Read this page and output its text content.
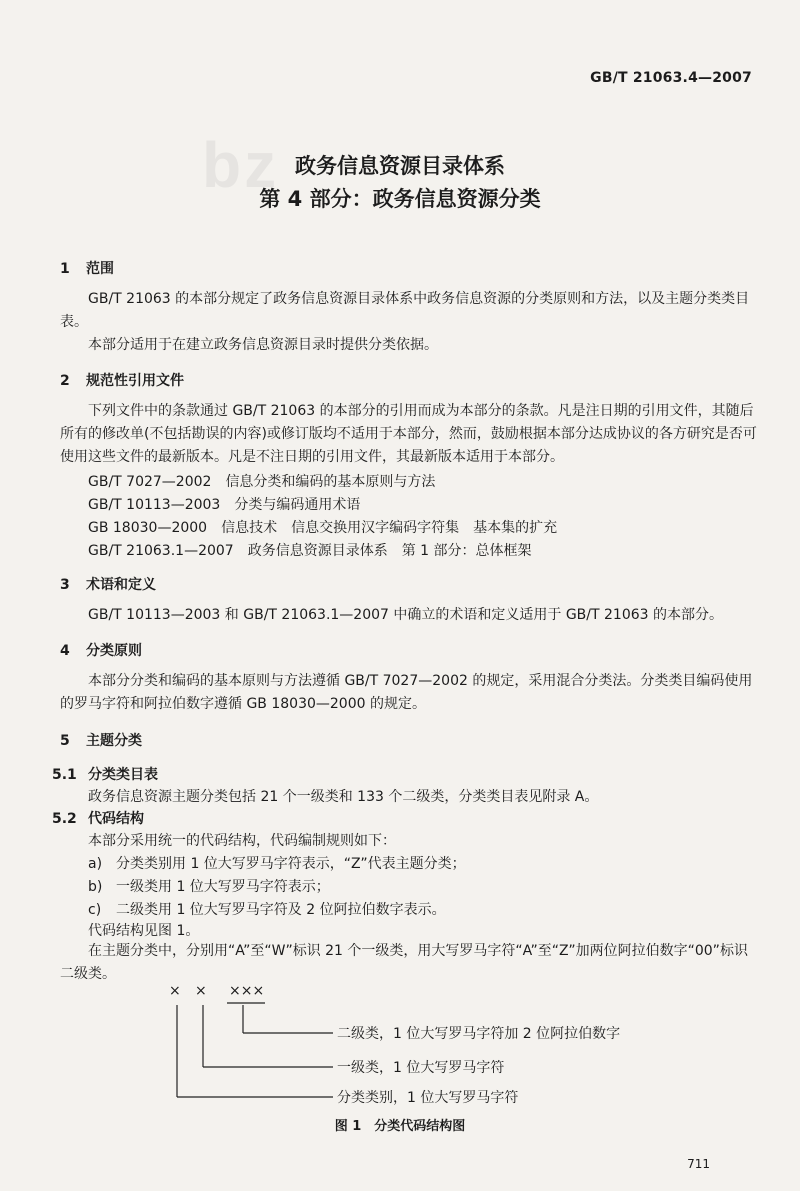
bz
GB/T 21063.4—2007
政务信息资源目录体系
第 4 部分：政务信息资源分类
1 范围
GB/T 21063 的本部分规定了政务信息资源目录体系中政务信息资源的分类原则和方法，以及主题分类类目表。
本部分适用于在建立政务信息资源目录时提供分类依据。
2 规范性引用文件
下列文件中的条款通过 GB/T 21063 的本部分的引用而成为本部分的条款。凡是注日期的引用文件，其随后所有的修改单(不包括勘误的内容)或修订版均不适用于本部分，然而，鼓励根据本部分达成协议的各方研究是否可使用这些文件的最新版本。凡是不注日期的引用文件，其最新版本适用于本部分。
GB/T 7027—2002 信息分类和编码的基本原则与方法
GB/T 10113—2003 分类与编码通用术语
GB 18030—2000 信息技术　信息交换用汉字编码字符集　基本集的扩充
GB/T 21063.1—2007 政务信息资源目录体系　第 1 部分：总体框架
3 术语和定义
GB/T 10113—2003 和 GB/T 21063.1—2007 中确立的术语和定义适用于 GB/T 21063 的本部分。
4 分类原则
本部分分类和编码的基本原则与方法遵循 GB/T 7027—2002 的规定，采用混合分类法。分类类目编码使用的罗马字符和阿拉伯数字遵循 GB 18030—2000 的规定。
5 主题分类
5.1 分类类目表
政务信息资源主题分类包括 21 个一级类和 133 个二级类，分类类目表见附录 A。
5.2 代码结构
本部分采用统一的代码结构，代码编制规则如下：
a) 分类类别用 1 位大写罗马字符表示，“Z”代表主题分类；
b) 一级类用 1 位大写罗马字符表示；
c) 二级类用 1 位大写罗马字符及 2 位阿拉伯数字表示。
代码结构见图 1。
在主题分类中，分别用“A”至“W”标识 21 个一级类，用大写罗马字符“A”至“Z”加两位阿拉伯数字“00”标识二级类。
× × ×××
二级类，1 位大写罗马字符加 2 位阿拉伯数字
一级类，1 位大写罗马字符
分类类别，1 位大写罗马字符
图 1　分类代码结构图
711
